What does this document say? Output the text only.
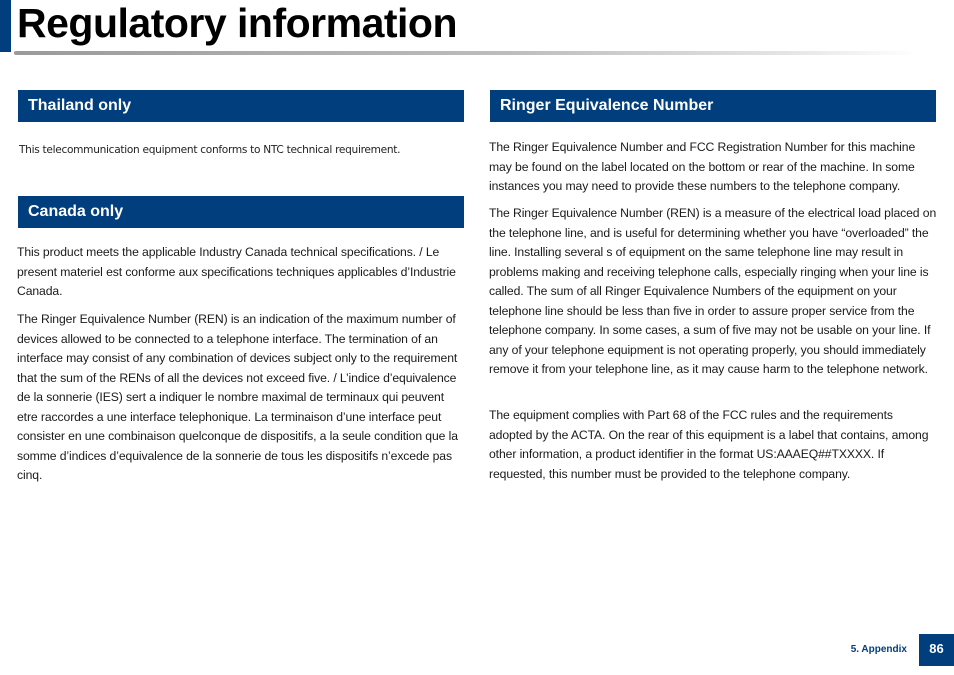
Regulatory information
Thailand only

This telecommunication equipment conforms to NTC technical requirement.

Canada only

This product meets the applicable Industry Canada technical specifications. / Le present materiel est conforme aux specifications techniques applicables d’Industrie Canada.

The Ringer Equivalence Number (REN) is an indication of the maximum number of devices allowed to be connected to a telephone interface. The termination of an interface may consist of any combination of devices subject only to the requirement that the sum of the RENs of all the devices not exceed five. / L’indice d’equivalence de la sonnerie (IES) sert a indiquer le nombre maximal de terminaux qui peuvent etre raccordes a une interface telephonique. La terminaison d’une interface peut consister en une combinaison quelconque de dispositifs, a la seule condition que la somme d’indices d’equivalence de la sonnerie de tous les dispositifs n’excede pas cinq.

Ringer Equivalence Number

The Ringer Equivalence Number and FCC Registration Number for this machine may be found on the label located on the bottom or rear of the machine. In some instances you may need to provide these numbers to the telephone company.

The Ringer Equivalence Number (REN) is a measure of the electrical load placed on the telephone line, and is useful for determining whether you have “overloaded” the line. Installing several s of equipment on the same telephone line may result in problems making and receiving telephone calls, especially ringing when your line is called. The sum of all Ringer Equivalence Numbers of the equipment on your telephone line should be less than five in order to assure proper service from the telephone company. In some cases, a sum of five may not be usable on your line. If any of your telephone equipment is not operating properly, you should immediately remove it from your telephone line, as it may cause harm to the telephone network.

The equipment complies with Part 68 of the FCC rules and the requirements adopted by the ACTA. On the rear of this equipment is a label that contains, among other information, a product identifier in the format US:AAAEQ##TXXXX. If requested, this number must be provided to the telephone company.

5. Appendix	86
